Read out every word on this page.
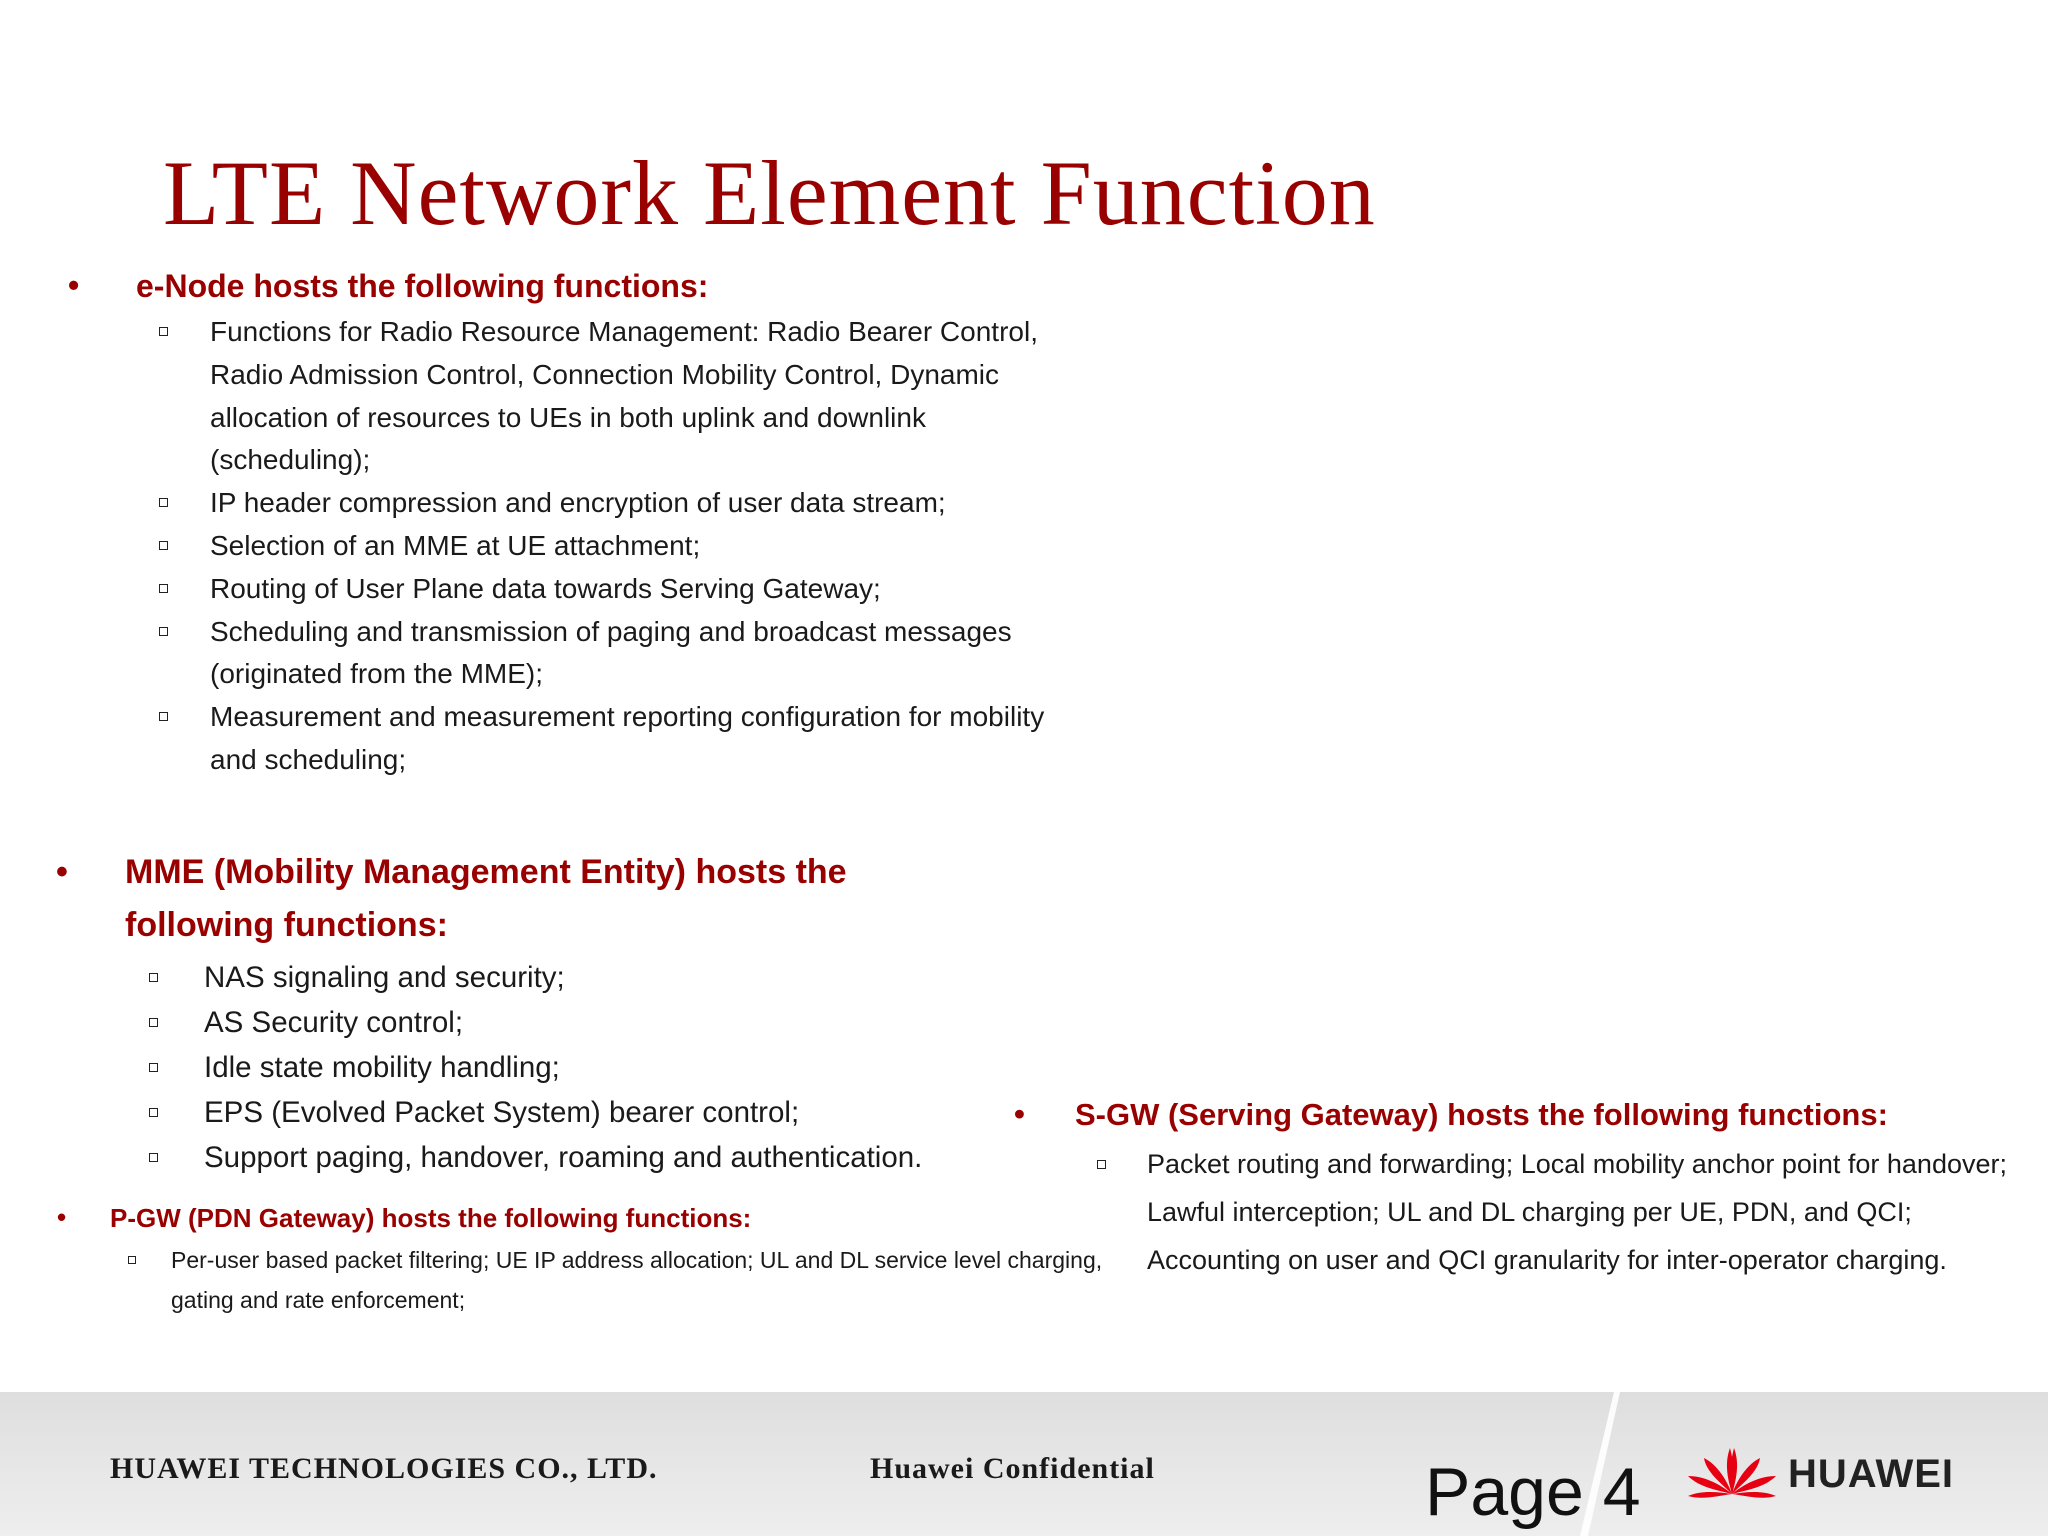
LTE Network Element Function
•	e-Node hosts the following functions:

Functions for Radio Resource Management: Radio Bearer Control, Radio Admission Control, Connection Mobility Control, Dynamic allocation of resources to UEs in both uplink and downlink (scheduling);
IP header compression and encryption of user data stream;
Selection of an MME at UE attachment;
Routing of User Plane data towards Serving Gateway;
Scheduling and transmission of paging and broadcast messages (originated from the MME);
Measurement and measurement reporting configuration for mobility and scheduling;
•	MME (Mobility Management Entity) hosts the following functions:

NAS signaling and security;
AS Security control;
Idle state mobility handling;
EPS (Evolved Packet System) bearer control;
Support paging, handover, roaming and authentication.
•	P-GW (PDN Gateway) hosts the following functions:

Per-user based packet filtering; UE IP address allocation; UL and DL service level charging, gating and rate enforcement;
•	S-GW (Serving Gateway) hosts the following functions:

Packet routing and forwarding; Local mobility anchor point for handover; Lawful interception; UL and DL charging per UE, PDN, and QCI; Accounting on user and QCI granularity for inter-operator charging.
HUAWEI TECHNOLOGIES CO., LTD.	Huawei Confidential	Page 4	HUAWEI
